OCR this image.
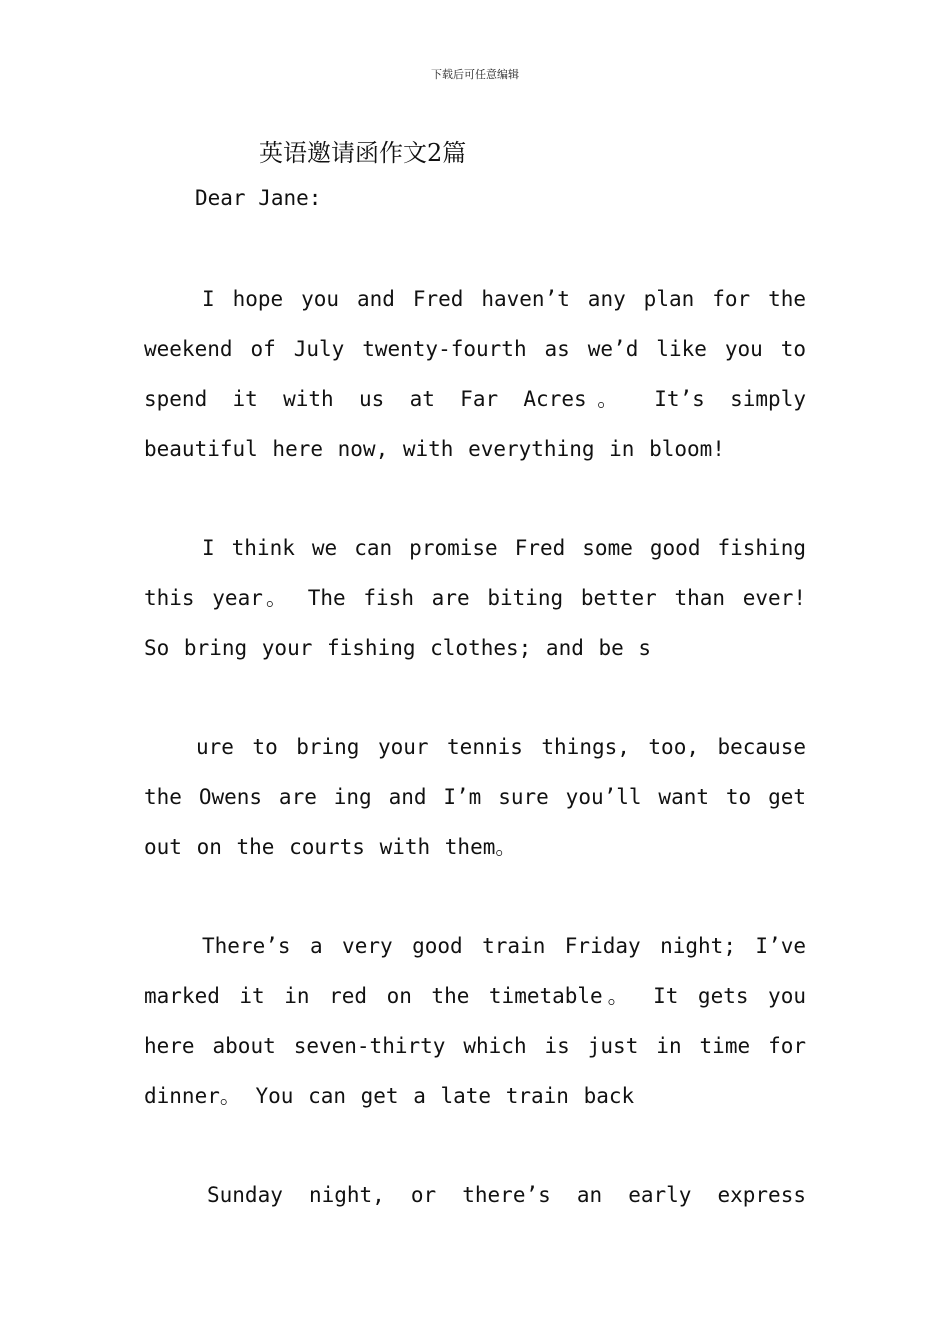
下载后可任意编辑
英语邀请函作文2篇
Dear Jane:
I hope you and Fred haven’t any plan for the
weekend of July twenty-fourth as we’d like you to
spend it with us at Far Acres。 It’s simply
beautiful here now, with everything in bloom!
I think we can promise Fred some good fishing
this year。 The fish are biting better than ever!
So bring your fishing clothes; and be s
ure to bring your tennis things, too, because
the Owens are ing and I’m sure you’ll want to get
out on the courts with them。
There’s a very good train Friday night; I’ve
marked it in red on the timetable。 It gets you
here about seven-thirty which is just in time for
dinner。 You can get a late train back
Sunday night, or there’s an early express
